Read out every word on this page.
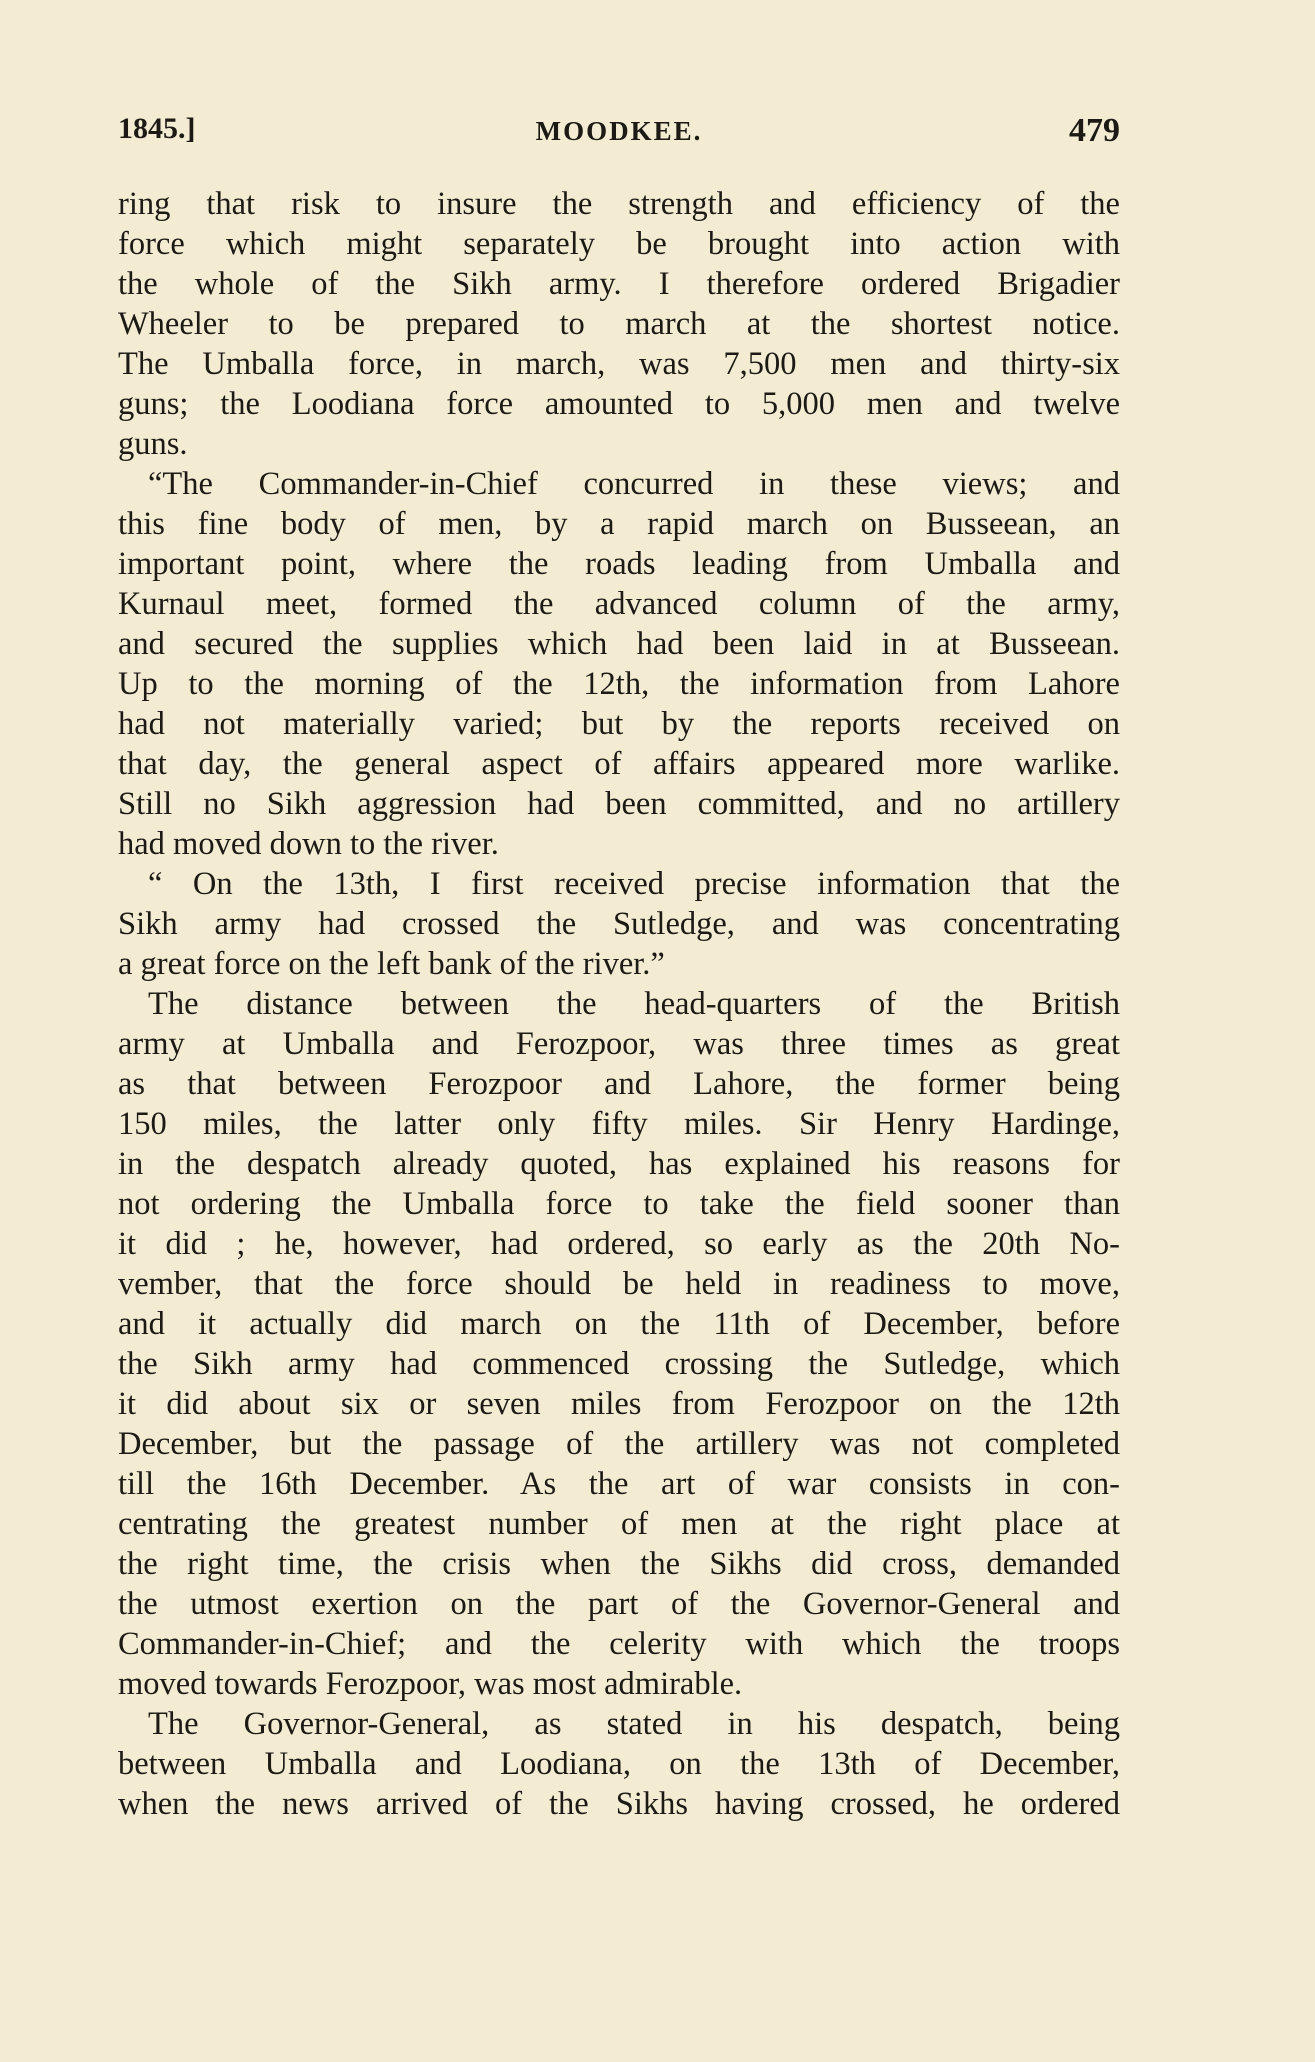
1845.]	MOODKEE.	479
ring that risk to insure the strength and efficiency of the
force which might separately be brought into action with
the whole of the Sikh army. I therefore ordered Brigadier
Wheeler to be prepared to march at the shortest notice.
The Umballa force, in march, was 7,500 men and thirty-six
guns; the Loodiana force amounted to 5,000 men and twelve
guns.
“The Commander-in-Chief concurred in these views; and
this fine body of men, by a rapid march on Busseean, an
important point, where the roads leading from Umballa and
Kurnaul meet, formed the advanced column of the army,
and secured the supplies which had been laid in at Busseean.
Up to the morning of the 12th, the information from Lahore
had not materially varied; but by the reports received on
that day, the general aspect of affairs appeared more warlike.
Still no Sikh aggression had been committed, and no artillery
had moved down to the river.
“ On the 13th, I first received precise information that the
Sikh army had crossed the Sutledge, and was concentrating
a great force on the left bank of the river.”
The distance between the head-quarters of the British
army at Umballa and Ferozpoor, was three times as great
as that between Ferozpoor and Lahore, the former being
150 miles, the latter only fifty miles. Sir Henry Hardinge,
in the despatch already quoted, has explained his reasons for
not ordering the Umballa force to take the field sooner than
it did ; he, however, had ordered, so early as the 20th No-
vember, that the force should be held in readiness to move,
and it actually did march on the 11th of December, before
the Sikh army had commenced crossing the Sutledge, which
it did about six or seven miles from Ferozpoor on the 12th
December, but the passage of the artillery was not completed
till the 16th December. As the art of war consists in con-
centrating the greatest number of men at the right place at
the right time, the crisis when the Sikhs did cross, demanded
the utmost exertion on the part of the Governor-General and
Commander-in-Chief; and the celerity with which the troops
moved towards Ferozpoor, was most admirable.
The Governor-General, as stated in his despatch, being
between Umballa and Loodiana, on the 13th of December,
when the news arrived of the Sikhs having crossed, he ordered
